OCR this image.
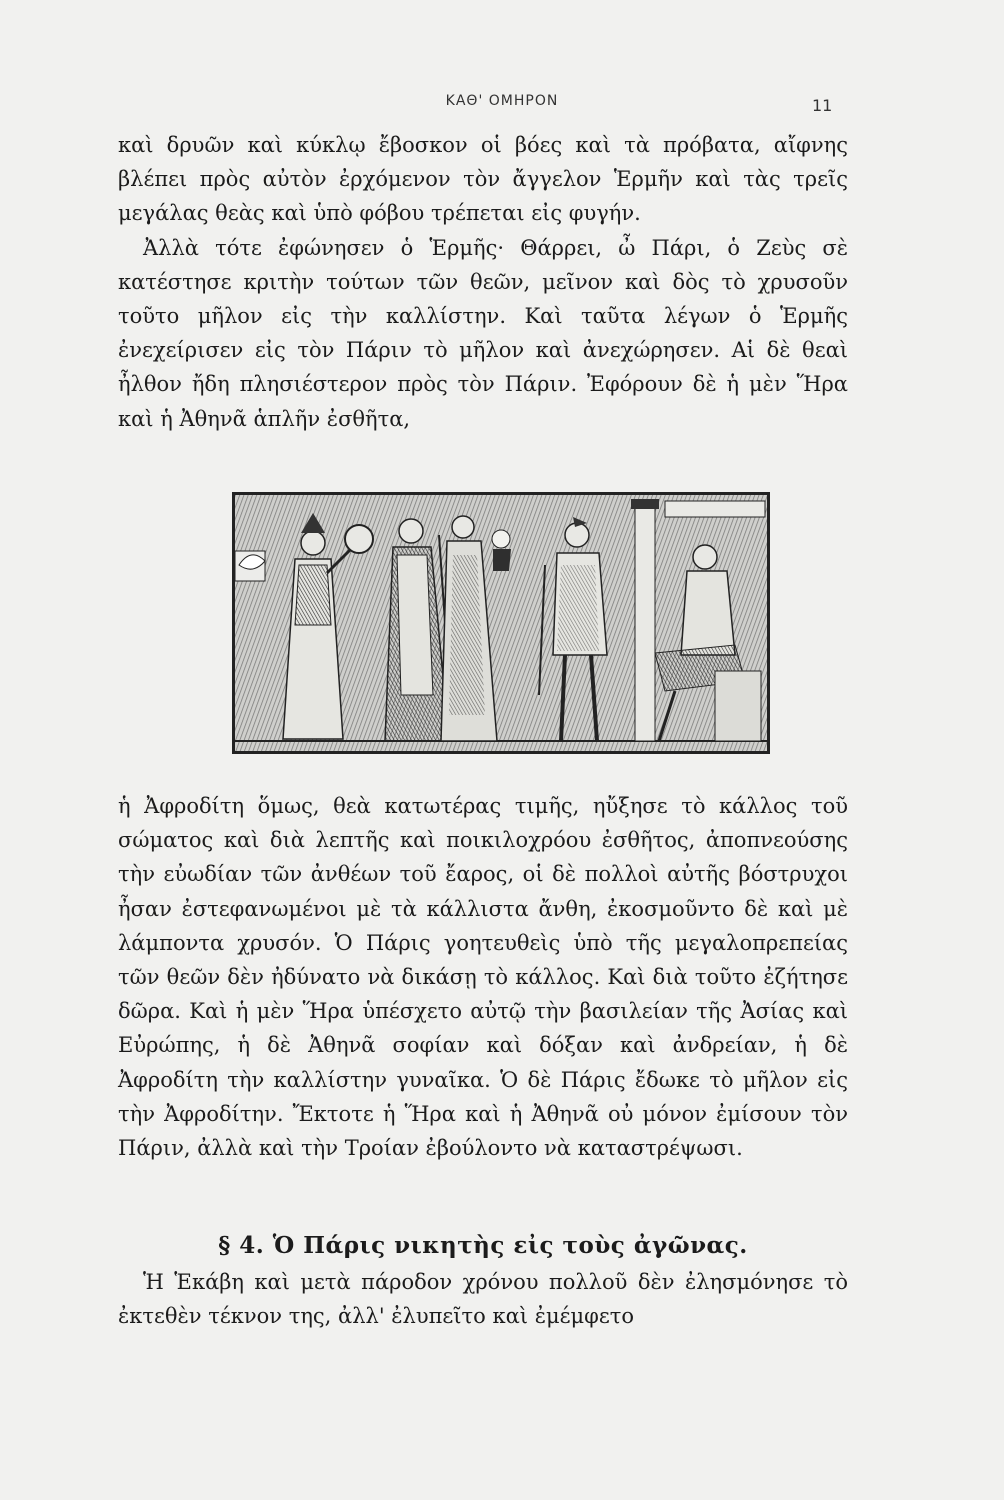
ΚΑΘ' ΟΜΗΡΟΝ	11

καὶ δρυῶν καὶ κύκλῳ ἔβοσκον οἱ βόες καὶ τὰ πρόβατα, αἴφνης βλέπει πρὸς αὐτὸν ἐρχόμενον τὸν ἄγγελον Ἑρμῆν καὶ τὰς τρεῖς μεγάλας θεὰς καὶ ὑπὸ φόβου τρέπεται εἰς φυγήν.

Ἀλλὰ τότε ἐφώνησεν ὁ Ἑρμῆς· Θάρρει, ὦ Πάρι, ὁ Ζεὺς σὲ κατέστησε κριτὴν τούτων τῶν θεῶν, μεῖνον καὶ δὸς τὸ χρυσοῦν τοῦτο μῆλον εἰς τὴν καλλίστην. Καὶ ταῦτα λέγων ὁ Ἑρμῆς ἐνεχείρισεν εἰς τὸν Πάριν τὸ μῆλον καὶ ἀνεχώρησεν. Αἱ δὲ θεαὶ ἦλθον ἤδη πλησιέστερον πρὸς τὸν Πάριν. Ἐφόρουν δὲ ἡ μὲν Ἥρα καὶ ἡ Ἀθηνᾶ ἁπλῆν ἐσθῆτα,

ἡ Ἀφροδίτη ὅμως, θεὰ κατωτέρας τιμῆς, ηὔξησε τὸ κάλλος τοῦ σώματος καὶ διὰ λεπτῆς καὶ ποικιλοχρόου ἐσθῆτος, ἀποπνεούσης τὴν εὐωδίαν τῶν ἀνθέων τοῦ ἔαρος, οἱ δὲ πολλοὶ αὐτῆς βόστρυχοι ἦσαν ἐστεφανωμένοι μὲ τὰ κάλλιστα ἄνθη, ἐκοσμοῦντο δὲ καὶ μὲ λάμποντα χρυσόν. Ὁ Πάρις γοητευθεὶς ὑπὸ τῆς μεγαλοπρεπείας τῶν θεῶν δὲν ἠδύνατο νὰ δικάσῃ τὸ κάλλος. Καὶ διὰ τοῦτο ἐζήτησε δῶρα. Καὶ ἡ μὲν Ἥρα ὑπέσχετο αὐτῷ τὴν βασιλείαν τῆς Ἀσίας καὶ Εὐρώπης, ἡ δὲ Ἀθηνᾶ σοφίαν καὶ δόξαν καὶ ἀνδρείαν, ἡ δὲ Ἀφροδίτη τὴν καλλίστην γυναῖκα. Ὁ δὲ Πάρις ἔδωκε τὸ μῆλον εἰς τὴν Ἀφροδίτην. Ἔκτοτε ἡ Ἥρα καὶ ἡ Ἀθηνᾶ οὐ μόνον ἐμίσουν τὸν Πάριν, ἀλλὰ καὶ τὴν Τροίαν ἐβούλοντο νὰ καταστρέψωσι.

§ 4. Ὁ Πάρις νικητὴς εἰς τοὺς ἀγῶνας.

Ἡ Ἑκάβη καὶ μετὰ πάροδον χρόνου πολλοῦ δὲν ἐλησμόνησε τὸ ἐκτεθὲν τέκνον της, ἀλλ' ἐλυπεῖτο καὶ ἐμέμφετο
